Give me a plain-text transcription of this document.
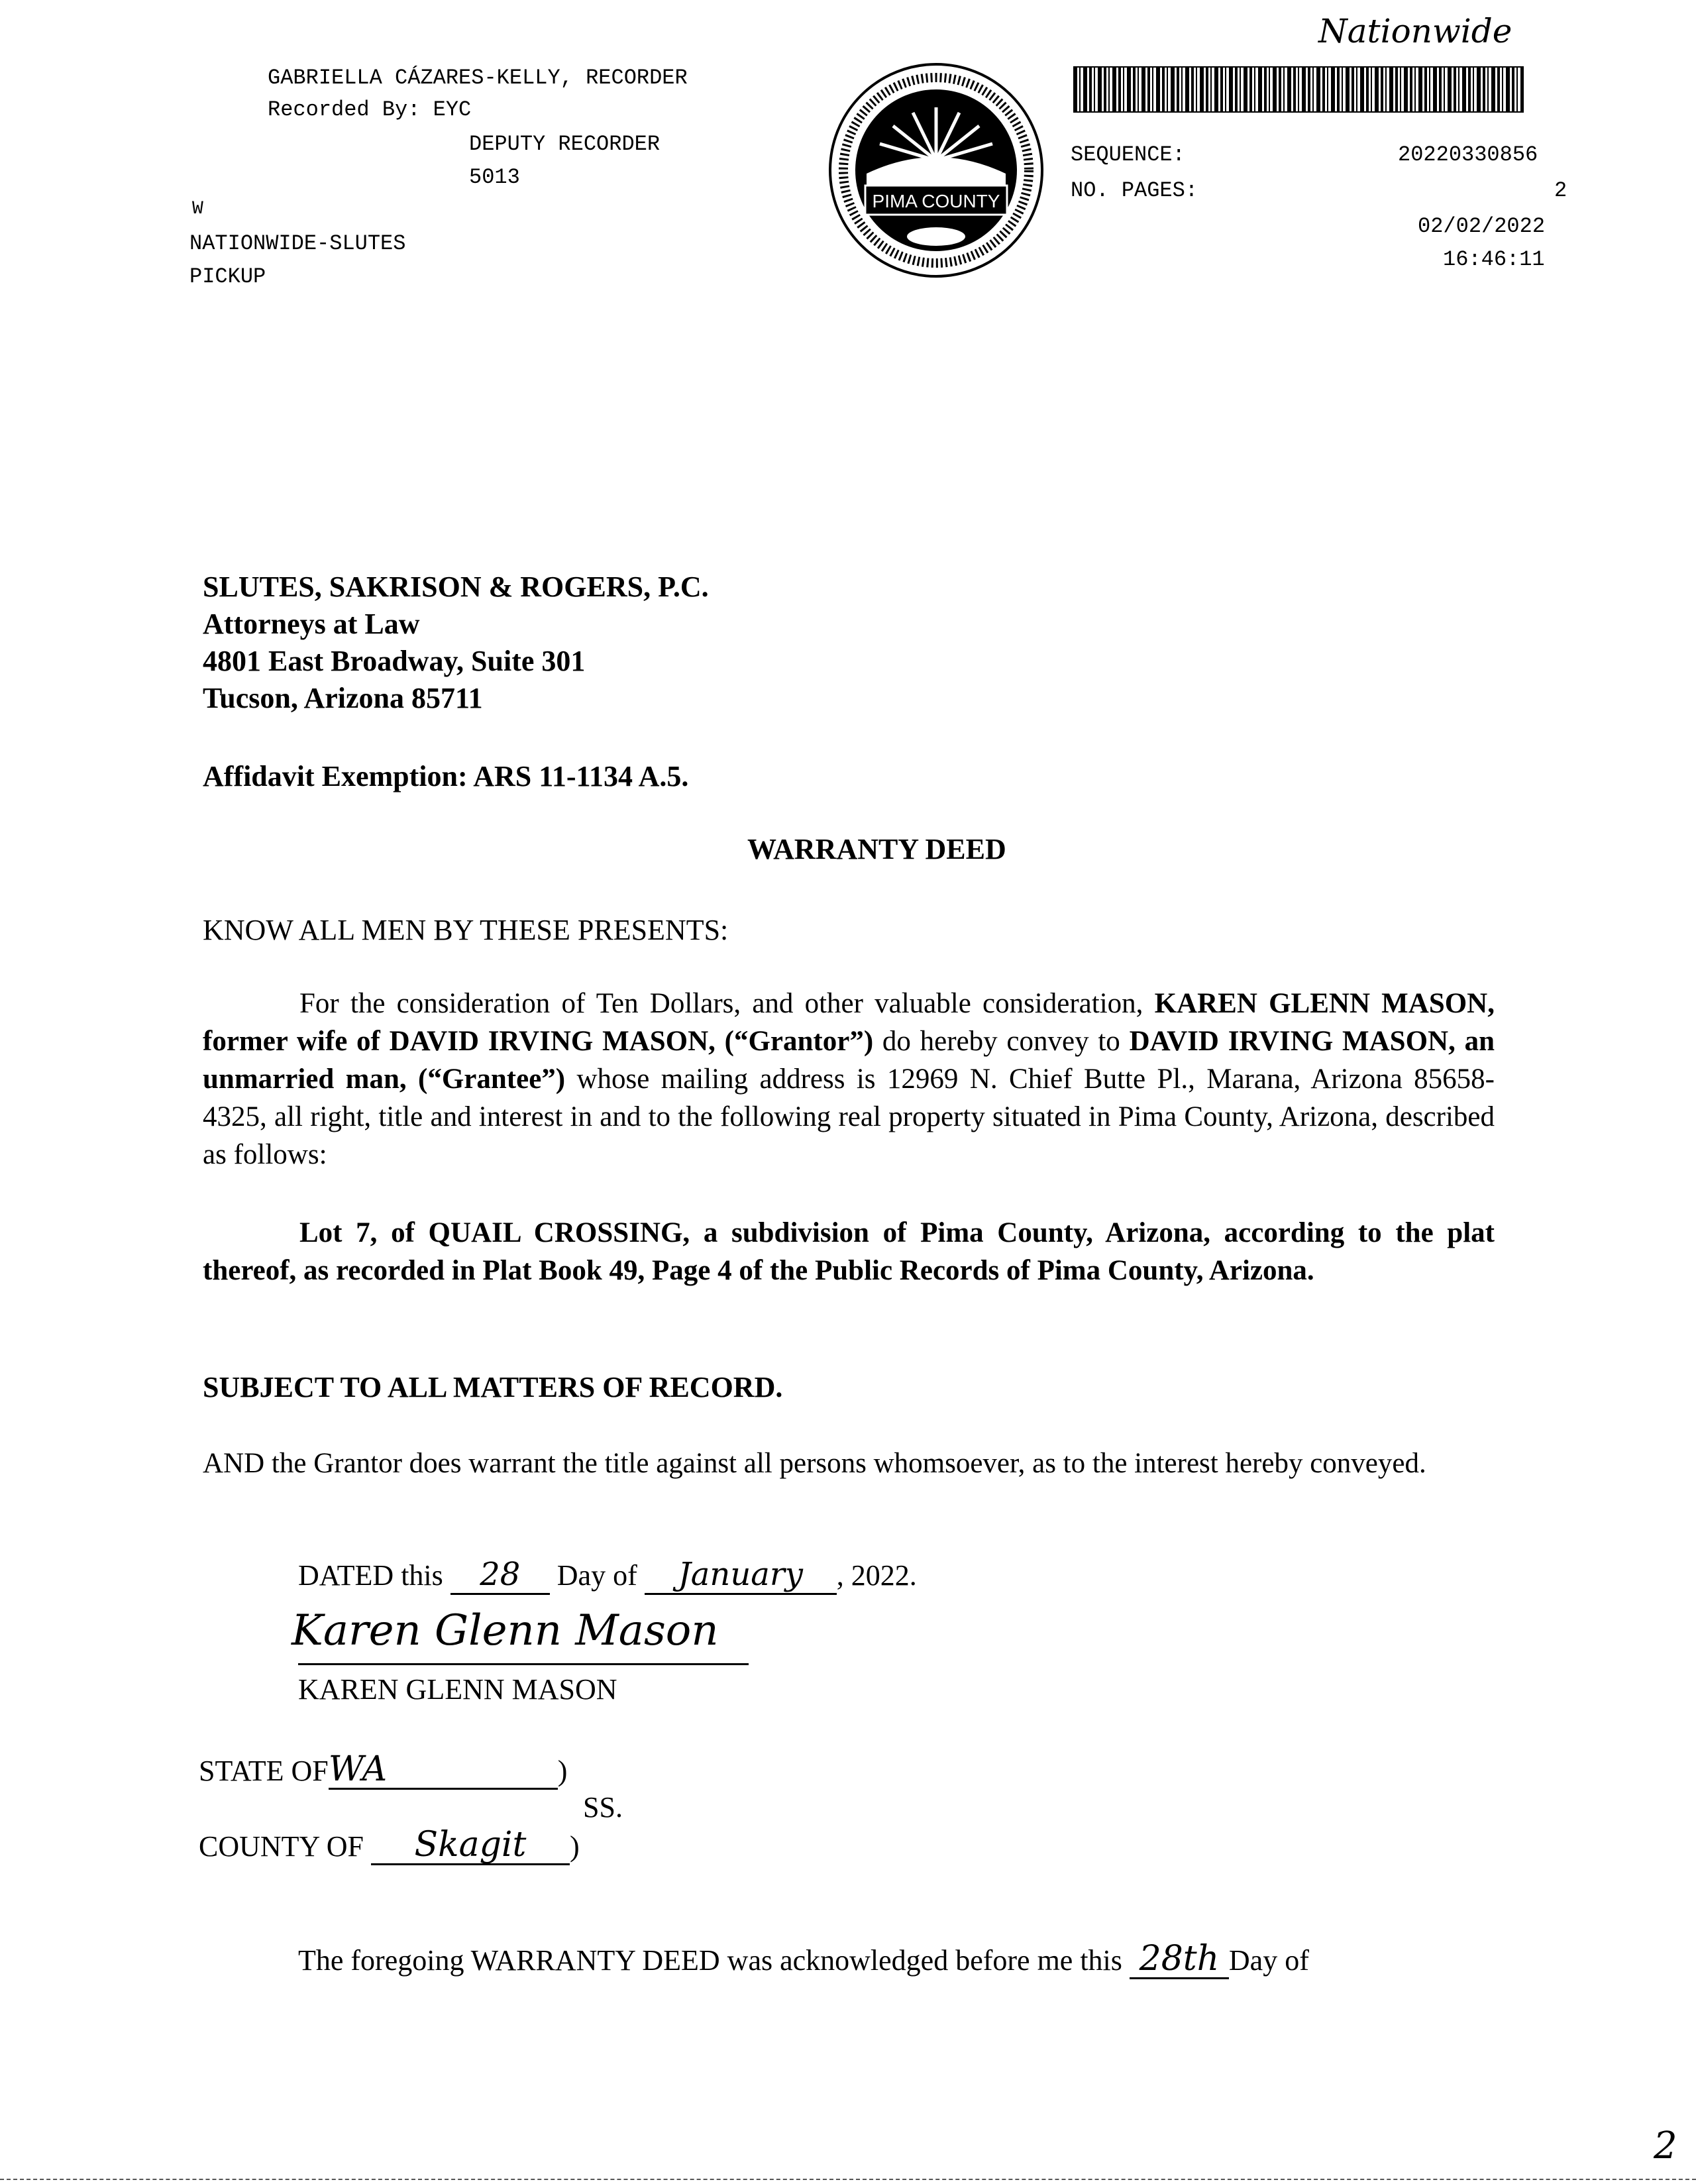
GABRIELLA CÁZARES-KELLY, RECORDER
Recorded By: EYC
DEPUTY RECORDER
5013
W
NATIONWIDE-SLUTES
PICKUP
PIMA COUNTY
Nationwide
SEQUENCE:	20220330856
NO. PAGES:	2
02/02/2022
16:46:11
SLUTES, SAKRISON & ROGERS, P.C.
Attorneys at Law
4801 East Broadway, Suite 301
Tucson, Arizona 85711
Affidavit Exemption: ARS 11-1134 A.5.
WARRANTY DEED
KNOW ALL MEN BY THESE PRESENTS:
For the consideration of Ten Dollars, and other valuable consideration, KAREN GLENN MASON, former wife of DAVID IRVING MASON, (“Grantor”) do hereby convey to DAVID IRVING MASON, an unmarried man, (“Grantee”) whose mailing address is 12969 N. Chief Butte Pl., Marana, Arizona 85658-4325, all right, title and interest in and to the following real property situated in Pima County, Arizona, described as follows:
Lot 7, of QUAIL CROSSING, a subdivision of Pima County, Arizona, according to the plat thereof, as recorded in Plat Book 49, Page 4 of the Public Records of Pima County, Arizona.
SUBJECT TO ALL MATTERS OF RECORD.
AND the Grantor does warrant the title against all persons whomsoever, as to the interest hereby conveyed.
DATED this 28 Day of January , 2022.
Karen Glenn Mason
KAREN GLENN MASON
STATE OFWA	)
SS.
COUNTY OF Skagit )
The foregoing WARRANTY DEED was acknowledged before me this 28th Day of
2
